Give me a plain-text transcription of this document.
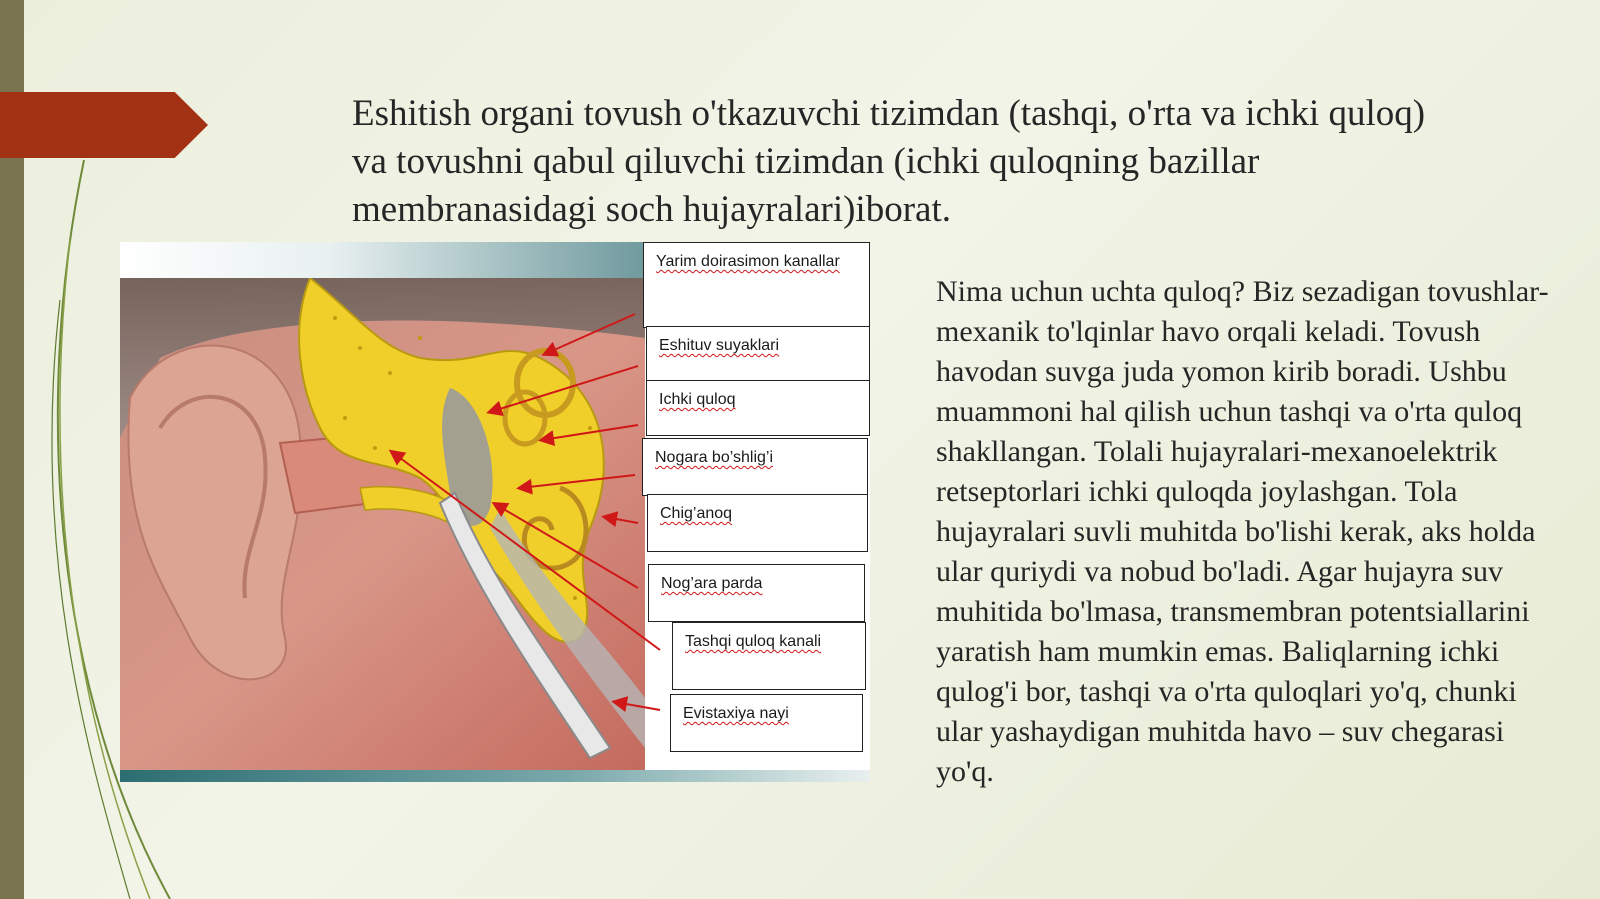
Eshitish organi tovush o'tkazuvchi tizimdan (tashqi, o'rta va ichki quloq) va tovushni qabul qiluvchi tizimdan (ichki quloqning bazillar membranasidagi soch hujayralari)iborat.
Yarim doirasimon kanallar
Eshituv suyaklari
Ichki quloq
Nogara bo’shlig’i
Chig’anoq
Nog’ara parda
Tashqi quloq kanali
Evistaxiya nayi
Nima uchun uchta quloq? Biz sezadigan tovushlar-mexanik to'lqinlar havo orqali keladi. Tovush havodan suvga juda yomon kirib boradi. Ushbu muammoni hal qilish uchun tashqi va o'rta quloq shakllangan. Tolali hujayralari-mexanoelektrik retseptorlari ichki quloqda joylashgan. Tola hujayralari suvli muhitda bo'lishi kerak, aks holda ular quriydi va nobud bo'ladi. Agar hujayra suv muhitida bo'lmasa, transmembran potentsiallarini yaratish ham mumkin emas. Baliqlarning ichki qulog'i bor, tashqi va o'rta quloqlari yo'q, chunki ular yashaydigan muhitda havo – suv chegarasi yo'q.
